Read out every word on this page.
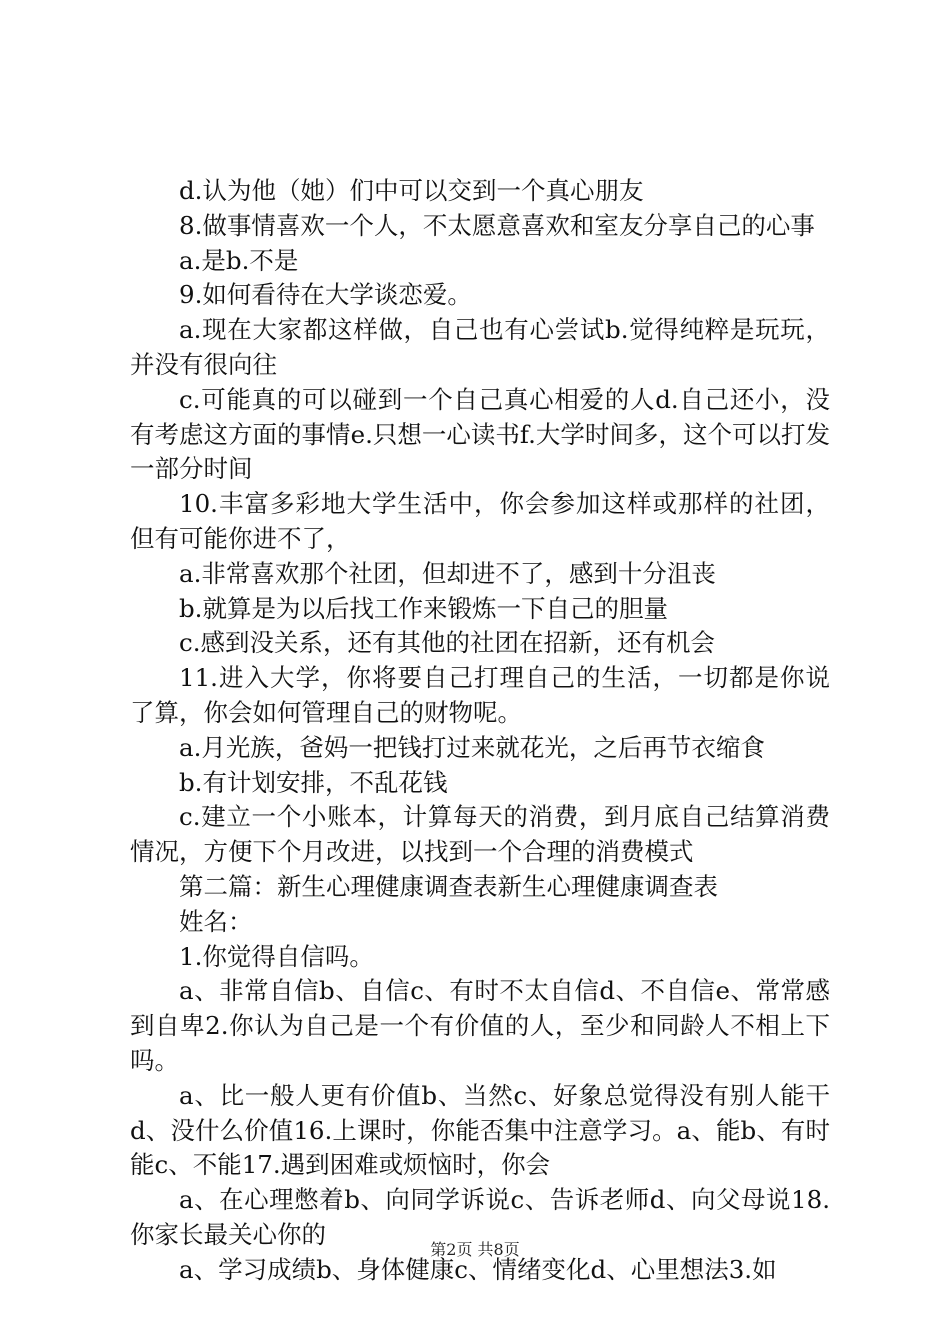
d.认为他（她）们中可以交到一个真心朋友

8.做事情喜欢一个人，不太愿意喜欢和室友分享自己的心事

a.是b.不是

9.如何看待在大学谈恋爱。

a.现在大家都这样做，自己也有心尝试b.觉得纯粹是玩玩，并没有很向往

c.可能真的可以碰到一个自己真心相爱的人d.自己还小，没有考虑这方面的事情e.只想一心读书f.大学时间多，这个可以打发一部分时间

10.丰富多彩地大学生活中，你会参加这样或那样的社团，但有可能你进不了，

a.非常喜欢那个社团，但却进不了，感到十分沮丧

b.就算是为以后找工作来锻炼一下自己的胆量

c.感到没关系，还有其他的社团在招新，还有机会

11.进入大学，你将要自己打理自己的生活，一切都是你说了算，你会如何管理自己的财物呢。

a.月光族，爸妈一把钱打过来就花光，之后再节衣缩食

b.有计划安排，不乱花钱

c.建立一个小账本，计算每天的消费，到月底自己结算消费情况，方便下个月改进，以找到一个合理的消费模式

第二篇：新生心理健康调查表新生心理健康调查表

姓名：

1.你觉得自信吗。

a、非常自信b、自信c、有时不太自信d、不自信e、常常感到自卑2.你认为自己是一个有价值的人，至少和同龄人不相上下吗。

a、比一般人更有价值b、当然c、好象总觉得没有别人能干d、没什么价值16.上课时，你能否集中注意学习。a、能b、有时能c、不能17.遇到困难或烦恼时，你会

a、在心理憋着b、向同学诉说c、告诉老师d、向父母说18.你家长最关心你的

a、学习成绩b、身体健康c、情绪变化d、心里想法3.如

第2页 共8页
